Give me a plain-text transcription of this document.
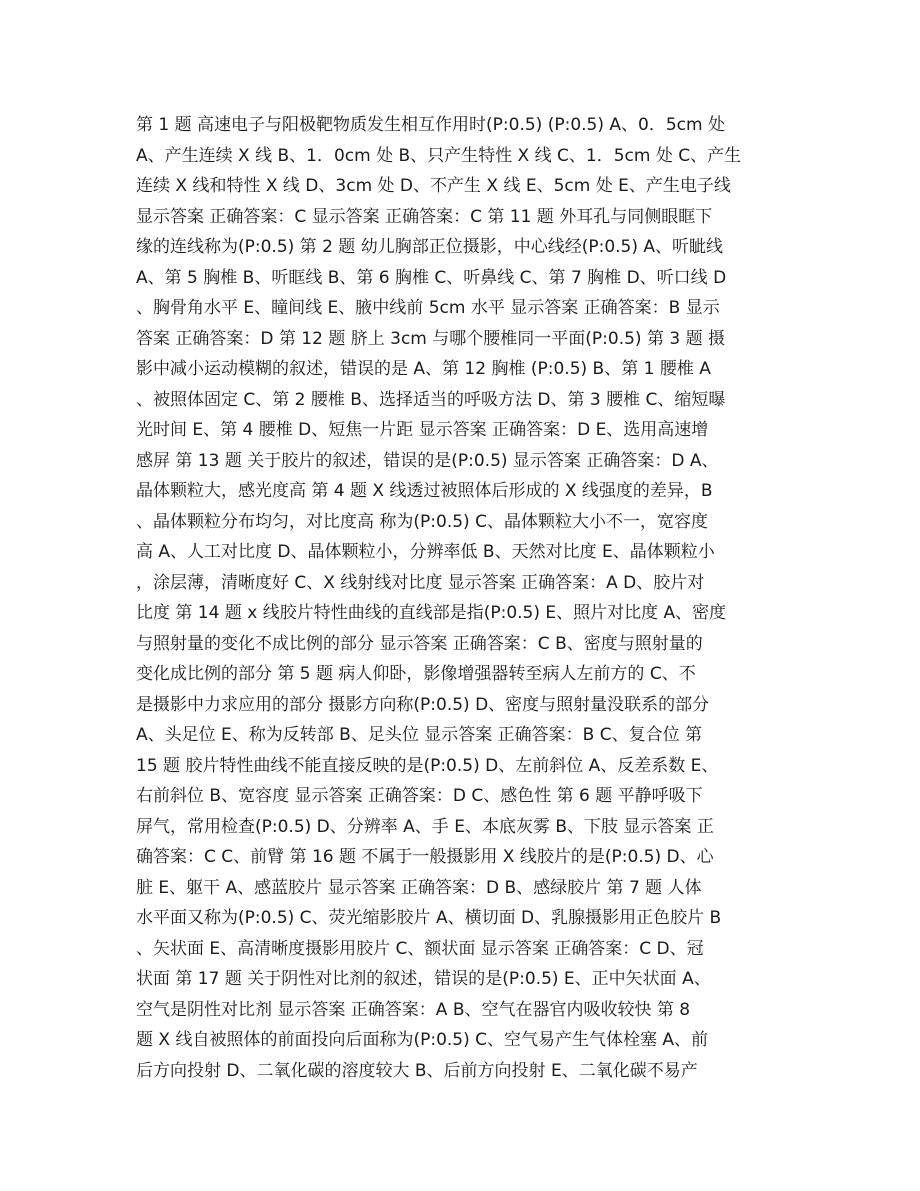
第 1 题 高速电子与阳极靶物质发生相互作用时(P:0.5) (P:0.5) A、0．5cm 处
A、产生连续 X 线 B、1．0cm 处 B、只产生特性 X 线 C、1．5cm 处 C、产生
连续 X 线和特性 X 线 D、3cm 处 D、不产生 X 线 E、5cm 处 E、产生电子线
显示答案 正确答案：C 显示答案 正确答案：C 第 11 题 外耳孔与同侧眼眶下
缘的连线称为(P:0.5) 第 2 题 幼儿胸部正位摄影，中心线经(P:0.5) A、听眦线
A、第 5 胸椎 B、听眶线 B、第 6 胸椎 C、听鼻线 C、第 7 胸椎 D、听口线 D
、胸骨角水平 E、瞳间线 E、腋中线前 5cm 水平 显示答案 正确答案：B 显示
答案 正确答案：D 第 12 题 脐上 3cm 与哪个腰椎同一平面(P:0.5) 第 3 题 摄
影中减小运动模糊的叙述，错误的是 A、第 12 胸椎 (P:0.5) B、第 1 腰椎 A
、被照体固定 C、第 2 腰椎 B、选择适当的呼吸方法 D、第 3 腰椎 C、缩短曝
光时间 E、第 4 腰椎 D、短焦一片距 显示答案 正确答案：D E、选用高速增
感屏 第 13 题 关于胶片的叙述，错误的是(P:0.5) 显示答案 正确答案：D A、
晶体颗粒大，感光度高 第 4 题 X 线透过被照体后形成的 X 线强度的差异，B
、晶体颗粒分布均匀，对比度高 称为(P:0.5) C、晶体颗粒大小不一，宽容度
高 A、人工对比度 D、晶体颗粒小，分辨率低 B、天然对比度 E、晶体颗粒小
，涂层薄，清晰度好 C、X 线射线对比度 显示答案 正确答案：A D、胶片对
比度 第 14 题 x 线胶片特性曲线的直线部是指(P:0.5) E、照片对比度 A、密度
与照射量的变化不成比例的部分 显示答案 正确答案：C B、密度与照射量的
变化成比例的部分 第 5 题 病人仰卧，影像增强器转至病人左前方的 C、不
是摄影中力求应用的部分 摄影方向称(P:0.5) D、密度与照射量没联系的部分
A、头足位 E、称为反转部 B、足头位 显示答案 正确答案：B C、复合位 第
15 题 胶片特性曲线不能直接反映的是(P:0.5) D、左前斜位 A、反差系数 E、
右前斜位 B、宽容度 显示答案 正确答案：D C、感色性 第 6 题 平静呼吸下
屏气，常用检查(P:0.5) D、分辨率 A、手 E、本底灰雾 B、下肢 显示答案 正
确答案：C C、前臂 第 16 题 不属于一般摄影用 X 线胶片的是(P:0.5) D、心
脏 E、躯干 A、感蓝胶片 显示答案 正确答案：D B、感绿胶片 第 7 题 人体
水平面又称为(P:0.5) C、荧光缩影胶片 A、横切面 D、乳腺摄影用正色胶片 B
、矢状面 E、高清晰度摄影用胶片 C、额状面 显示答案 正确答案：C D、冠
状面 第 17 题 关于阴性对比剂的叙述，错误的是(P:0.5) E、正中矢状面 A、
空气是阴性对比剂 显示答案 正确答案：A B、空气在器官内吸收较快 第 8
题 X 线自被照体的前面投向后面称为(P:0.5) C、空气易产生气体栓塞 A、前
后方向投射 D、二氧化碳的溶度较大 B、后前方向投射 E、二氧化碳不易产
